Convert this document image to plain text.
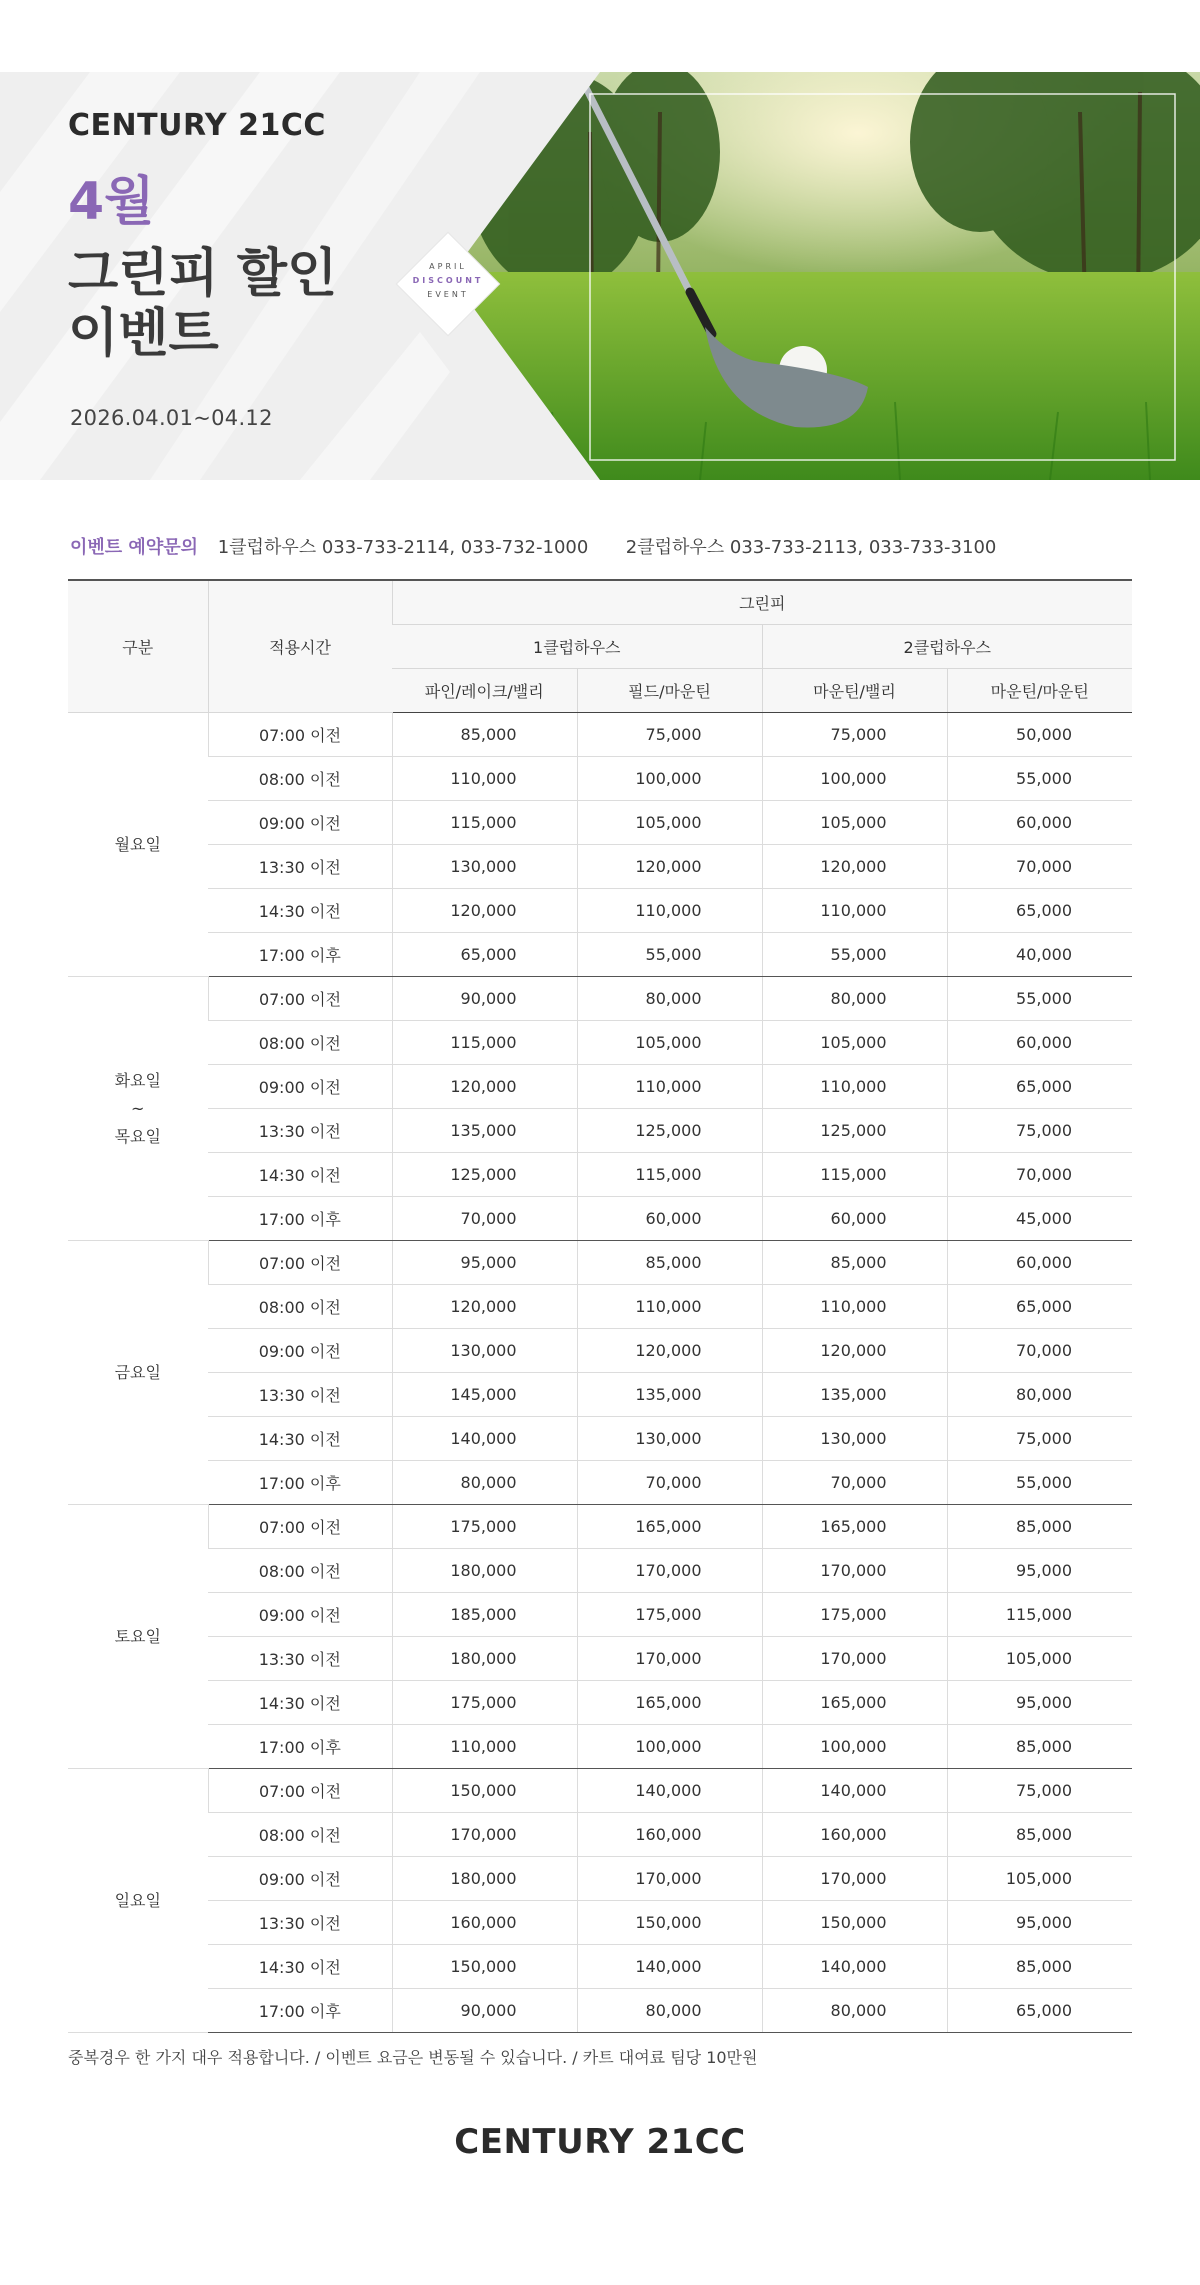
CENTURY 21CC
4월
그린피 할인
이벤트
2026.04.01~04.12
APRIL
DISCOUNT
EVENT
이벤트 예약문의 1클럽하우스 033-733-2114, 033-732-1000 2클럽하우스 033-733-2113, 033-733-3100
구분	적용시간	그린피			
		1클럽하우스		2클럽하우스	
		파인/레이크/밸리	필드/마운틴	마운틴/밸리	마운틴/마운틴

월요일	07:00 이전	85,000	75,000	75,000	50,000
	08:00 이전	110,000	100,000	100,000	55,000
	09:00 이전	115,000	105,000	105,000	60,000
	13:30 이전	130,000	120,000	120,000	70,000
	14:30 이전	120,000	110,000	110,000	65,000
	17:00 이후	65,000	55,000	55,000	40,000

화요일
~
목요일	07:00 이전	90,000	80,000	80,000	55,000
	08:00 이전	115,000	105,000	105,000	60,000
	09:00 이전	120,000	110,000	110,000	65,000
	13:30 이전	135,000	125,000	125,000	75,000
	14:30 이전	125,000	115,000	115,000	70,000
	17:00 이후	70,000	60,000	60,000	45,000

금요일	07:00 이전	95,000	85,000	85,000	60,000
	08:00 이전	120,000	110,000	110,000	65,000
	09:00 이전	130,000	120,000	120,000	70,000
	13:30 이전	145,000	135,000	135,000	80,000
	14:30 이전	140,000	130,000	130,000	75,000
	17:00 이후	80,000	70,000	70,000	55,000

토요일	07:00 이전	175,000	165,000	165,000	85,000
	08:00 이전	180,000	170,000	170,000	95,000
	09:00 이전	185,000	175,000	175,000	115,000
	13:30 이전	180,000	170,000	170,000	105,000
	14:30 이전	175,000	165,000	165,000	95,000
	17:00 이후	110,000	100,000	100,000	85,000

일요일	07:00 이전	150,000	140,000	140,000	75,000
	08:00 이전	170,000	160,000	160,000	85,000
	09:00 이전	180,000	170,000	170,000	105,000
	13:30 이전	160,000	150,000	150,000	95,000
	14:30 이전	150,000	140,000	140,000	85,000
	17:00 이후	90,000	80,000	80,000	65,000
중복경우 한 가지 대우 적용합니다. / 이벤트 요금은 변동될 수 있습니다. / 카트 대여료 팀당 10만원
CENTURY 21CC
